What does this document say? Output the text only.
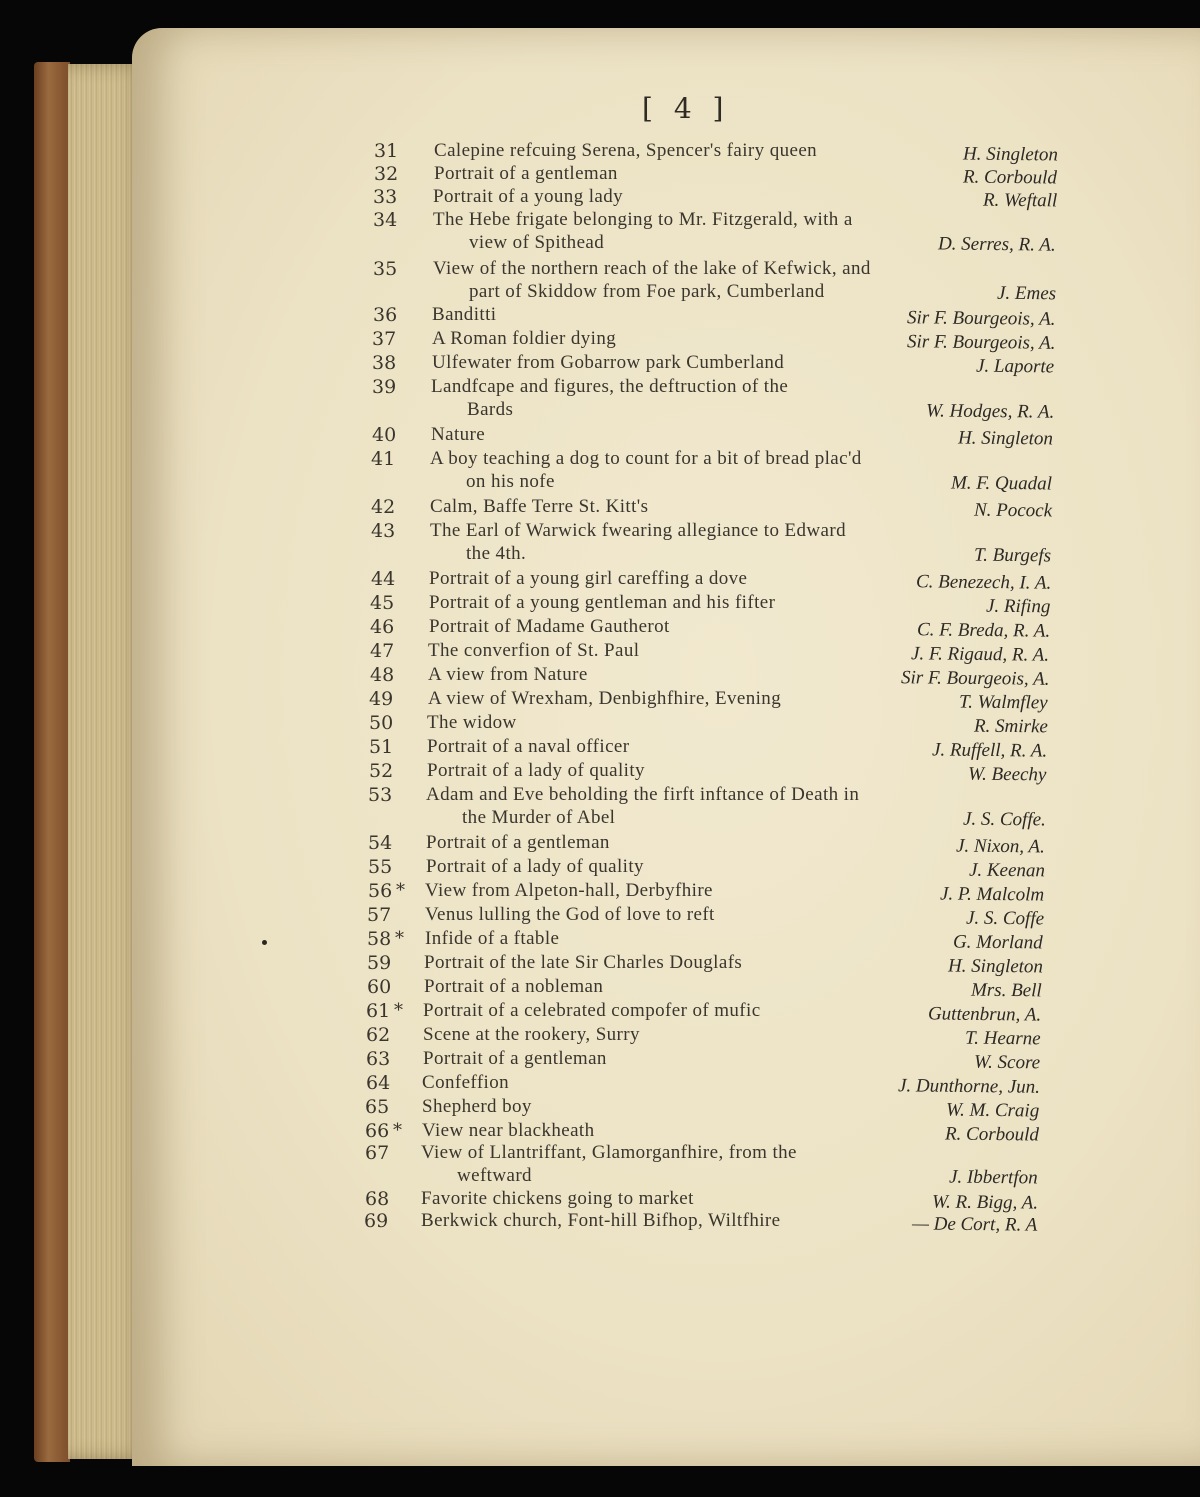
[ 4 ]
31 Calepine refcuing Serena, Spencer's fairy queen	H. Singleton
32 Portrait of a gentleman	R. Corbould
33 Portrait of a young lady	R. Weftall
34 The Hebe frigate belonging to Mr. Fitzgerald, with a
view of Spithead	D. Serres, R. A.
35 View of the northern reach of the lake of Kefwick, and
part of Skiddow from Foe park, Cumberland	J. Emes
36 Banditti	Sir F. Bourgeois, A.
37 A Roman foldier dying	Sir F. Bourgeois, A.
38 Ulfewater from Gobarrow park Cumberland	J. Laporte
39 Landfcape and figures, the deftruction of the
Bards	W. Hodges, R. A.
40 Nature	H. Singleton
41 A boy teaching a dog to count for a bit of bread plac'd
on his nofe	M. F. Quadal
42 Calm, Baffe Terre St. Kitt's	N. Pocock
43 The Earl of Warwick fwearing allegiance to Edward
the 4th.	T. Burgefs
44 Portrait of a young girl careffing a dove	C. Benezech, I. A.
45 Portrait of a young gentleman and his fifter	J. Rifing
46 Portrait of Madame Gautherot	C. F. Breda, R. A.
47 The converfion of St. Paul	J. F. Rigaud, R. A.
48 A view from Nature	Sir F. Bourgeois, A.
49 A view of Wrexham, Denbighfhire, Evening	T. Walmfley
50 The widow	R. Smirke
51 Portrait of a naval officer	J. Ruffell, R. A.
52 Portrait of a lady of quality	W. Beechy
53 Adam and Eve beholding the firft inftance of Death in
the Murder of Abel	J. S. Coffe.
54 Portrait of a gentleman	J. Nixon, A.
55 Portrait of a lady of quality	J. Keenan
56 * View from Alpeton-hall, Derbyfhire	J. P. Malcolm
57 Venus lulling the God of love to reft	J. S. Coffe
58 * Infide of a ftable	G. Morland
59 Portrait of the late Sir Charles Douglafs	H. Singleton
60 Portrait of a nobleman	Mrs. Bell
61 * Portrait of a celebrated compofer of mufic	Guttenbrun, A.
62 Scene at the rookery, Surry	T. Hearne
63 Portrait of a gentleman	W. Score
64 Confeffion	J. Dunthorne, Jun.
65 Shepherd boy	W. M. Craig
66 * View near blackheath	R. Corbould
67 View of Llantriffant, Glamorganfhire, from the
weftward	J. Ibbertfon
68 Favorite chickens going to market	W. R. Bigg, A.
69 Berkwick church, Font-hill Bifhop, Wiltfhire	— De Cort, R. A
